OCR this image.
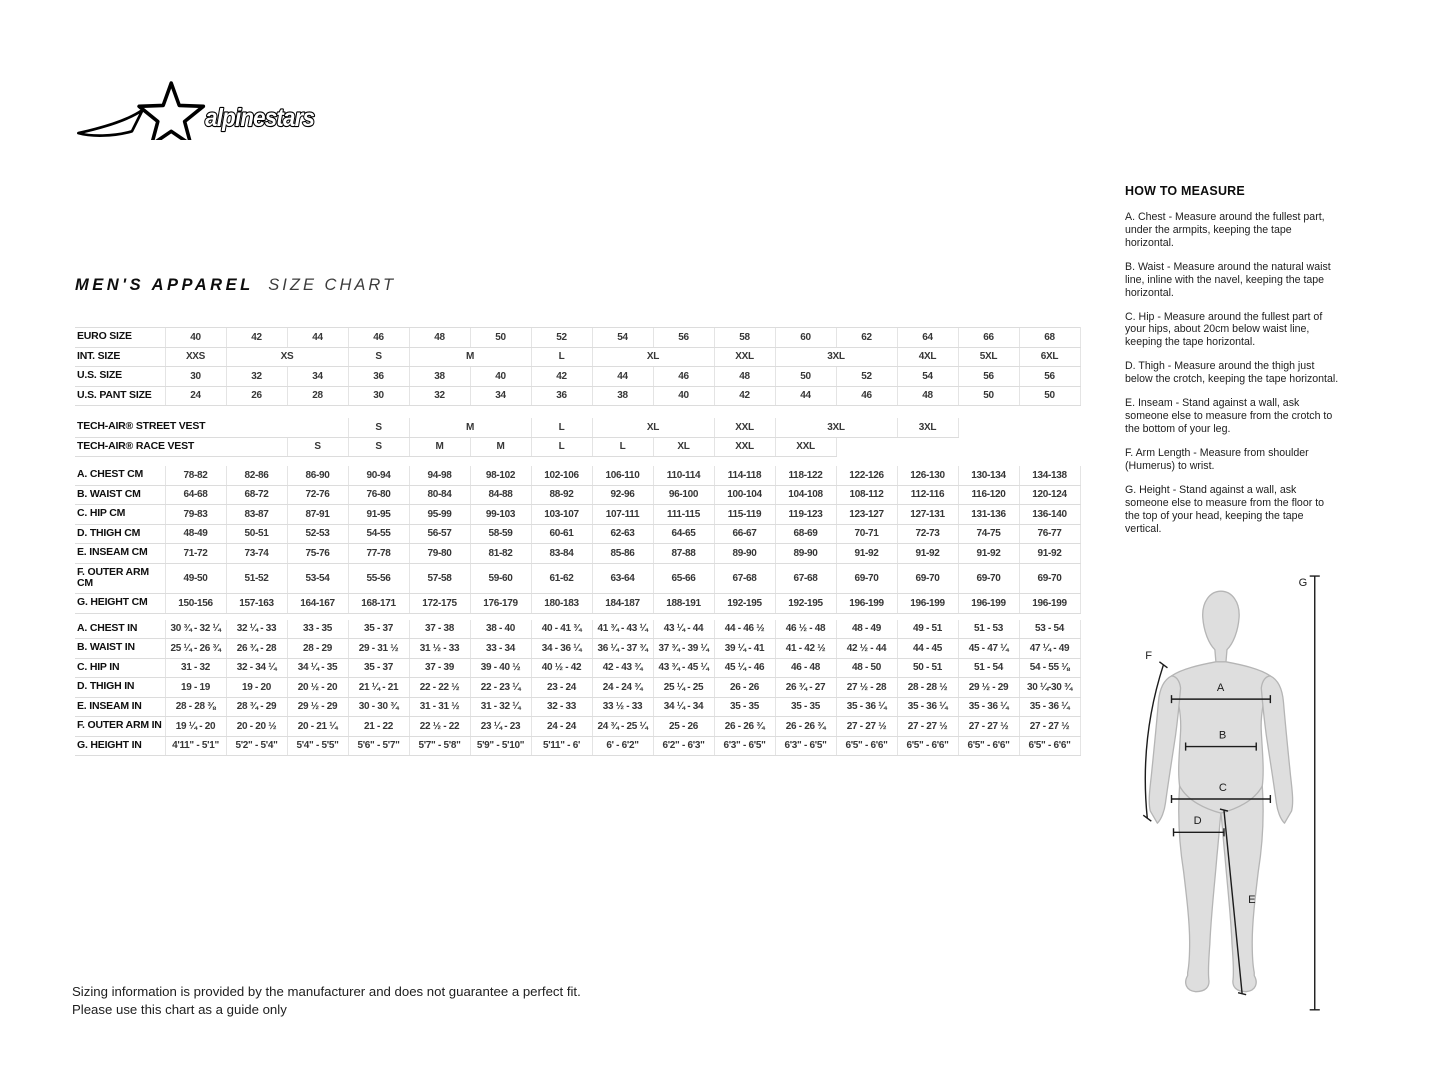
alpinestars
MEN'S APPAREL SIZE CHART
EURO SIZE	40	42	44	46	48	50	52	54	56	58	60	62	64	66	68
INT. SIZE	XXS	XS		S	M		L	XL		XXL	3XL		4XL	5XL	6XL
U.S. SIZE	30	32	34	36	38	40	42	44	46	48	50	52	54	56	56
U.S. PANT SIZE	24	26	28	30	32	34	36	38	40	42	44	46	48	50	50

TECH-AIR® STREET VEST				S	M		L	XL		XXL	3XL		3XL		
TECH-AIR® RACE VEST			S	S	M	M	L	L	XL	XXL	XXL				

A. CHEST CM	78-82	82-86	86-90	90-94	94-98	98-102	102-106	106-110	110-114	114-118	118-122	122-126	126-130	130-134	134-138
B. WAIST CM	64-68	68-72	72-76	76-80	80-84	84-88	88-92	92-96	96-100	100-104	104-108	108-112	112-116	116-120	120-124
C. HIP CM	79-83	83-87	87-91	91-95	95-99	99-103	103-107	107-111	111-115	115-119	119-123	123-127	127-131	131-136	136-140
D. THIGH CM	48-49	50-51	52-53	54-55	56-57	58-59	60-61	62-63	64-65	66-67	68-69	70-71	72-73	74-75	76-77
E. INSEAM CM	71-72	73-74	75-76	77-78	79-80	81-82	83-84	85-86	87-88	89-90	89-90	91-92	91-92	91-92	91-92
F. OUTER ARM CM	49-50	51-52	53-54	55-56	57-58	59-60	61-62	63-64	65-66	67-68	67-68	69-70	69-70	69-70	69-70
G. HEIGHT CM	150-156	157-163	164-167	168-171	172-175	176-179	180-183	184-187	188-191	192-195	192-195	196-199	196-199	196-199	196-199

A. CHEST IN	30 ¾ - 32 ¼	32 ¼ - 33	33 - 35	35 - 37	37 - 38	38 - 40	40 - 41 ¾	41 ¾ - 43 ¼	43 ¼ - 44	44 - 46 ½	46 ½ - 48	48 - 49	49 - 51	51 - 53	53 - 54
B. WAIST IN	25 ¼ - 26 ¾	26 ¾ - 28	28 - 29	29 - 31 ½	31 ½ - 33	33 - 34	34 - 36 ¼	36 ¼ - 37 ¾	37 ¾ - 39 ¼	39 ¼ - 41	41 - 42 ½	42 ½ - 44	44 - 45	45 - 47 ¼	47 ¼ - 49
C. HIP IN	31 - 32	32 - 34 ¼	34 ¼ - 35	35 - 37	37 - 39	39 - 40 ½	40 ½ - 42	42 - 43 ¾	43 ¾ - 45 ¼	45 ¼ - 46	46 - 48	48 - 50	50 - 51	51 - 54	54 - 55 ⅛
D. THIGH IN	19 - 19	19 - 20	20 ½ - 20	21 ¼ - 21	22 - 22 ½	22 - 23 ¼	23 - 24	24 - 24 ¾	25 ¼ - 25	26 - 26	26 ¾ - 27	27 ½ - 28	28 - 28 ½	29 ½ - 29	30 ¼-30 ¾
E. INSEAM IN	28 - 28 ⅜	28 ¾ - 29	29 ½ - 29	30 - 30 ¾	31 - 31 ½	31 - 32 ¼	32 - 33	33 ½ - 33	34 ¼ - 34	35 - 35	35 - 35	35 - 36 ¼	35 - 36 ¼	35 - 36 ¼	35 - 36 ¼
F. OUTER ARM IN	19 ¼ - 20	20 - 20 ½	20 - 21 ¼	21 - 22	22 ½ - 22	23 ¼ - 23	24 - 24	24 ¾ - 25 ¼	25 - 26	26 - 26 ¾	26 - 26 ¾	27 - 27 ½	27 - 27 ½	27 - 27 ½	27 - 27 ½
G. HEIGHT IN	4'11" - 5'1"	5'2" - 5'4"	5'4" - 5'5"	5'6" - 5'7"	5'7" - 5'8"	5'9" - 5'10"	5'11" - 6'	6' - 6'2"	6'2" - 6'3"	6'3" - 6'5"	6'3" - 6'5"	6'5" - 6'6"	6'5" - 6'6"	6'5" - 6'6"	6'5" - 6'6"
HOW TO MEASURE

A. Chest - Measure around the fullest part, under the armpits, keeping the tape horizontal.

B. Waist - Measure around the natural waist line, inline with the navel, keeping the tape horizontal.

C. Hip - Measure around the fullest part of your hips, about 20cm below waist line, keeping the tape horizontal.

D. Thigh - Measure around the thigh just below the crotch, keeping the tape horizontal.

E. Inseam - Stand against a wall, ask someone else to measure from the crotch to the bottom of your leg.

F. Arm Length - Measure from shoulder (Humerus) to wrist.

G. Height - Stand against a wall, ask someone else to measure from the floor to the top of your head, keeping the tape vertical.

A
B
C
D
E
F
G
Sizing information is provided by the manufacturer and does not guarantee a perfect fit.
Please use this chart as a guide only
